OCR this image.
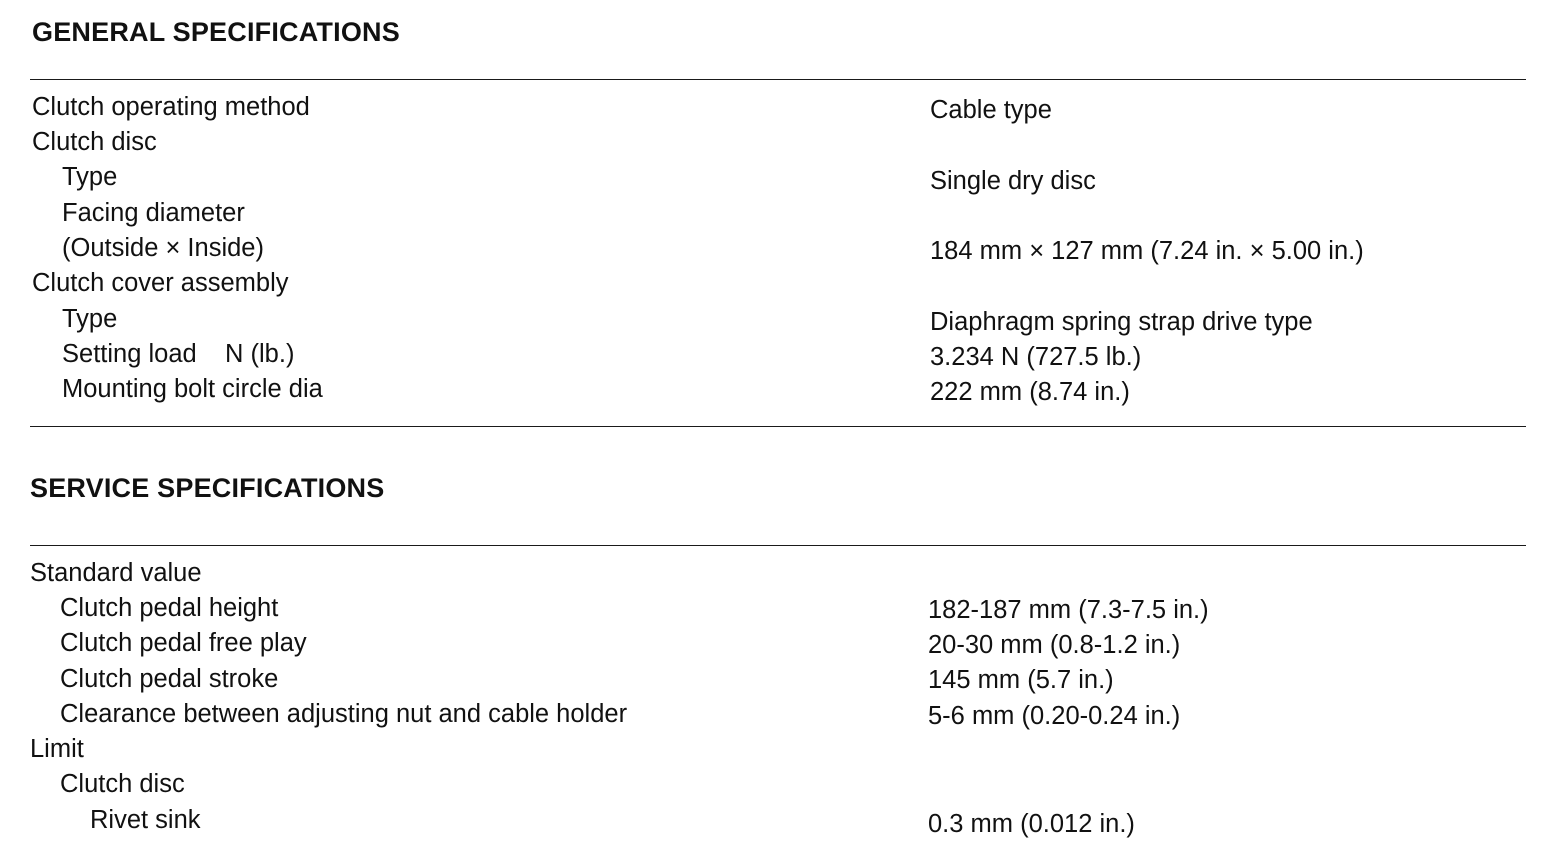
GENERAL SPECIFICATIONS
Clutch operating method	Cable type
Clutch disc
Type	Single dry disc
Facing diameter
(Outside × Inside)	184 mm × 127 mm (7.24 in. × 5.00 in.)
Clutch cover assembly
Type	Diaphragm spring strap drive type
Setting load    N (lb.)	3.234 N (727.5 lb.)
Mounting bolt circle dia	222 mm (8.74 in.)
SERVICE SPECIFICATIONS
Standard value
Clutch pedal height	182-187 mm (7.3-7.5 in.)
Clutch pedal free play	20-30 mm (0.8-1.2 in.)
Clutch pedal stroke	145 mm (5.7 in.)
Clearance between adjusting nut and cable holder	5-6 mm (0.20-0.24 in.)
Limit
Clutch disc
Rivet sink	0.3 mm (0.012 in.)
